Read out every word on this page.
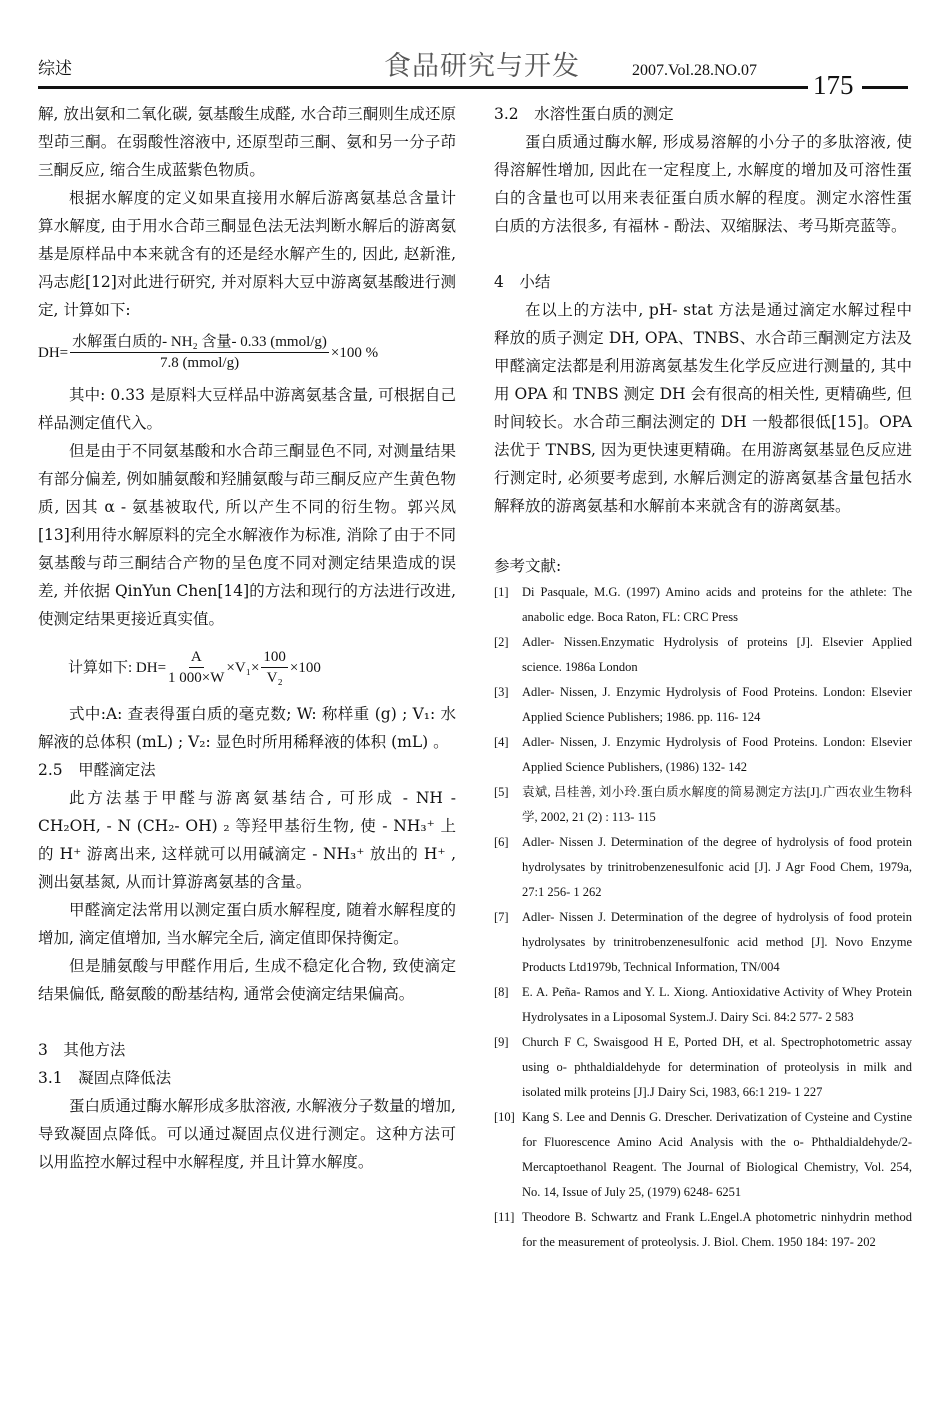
综述	食品研究与开发	2007.Vol.28.NO.07 175

解, 放出氨和二氧化碳, 氨基酸生成醛, 水合茚三酮则生成还原型茚三酮。在弱酸性溶液中, 还原型茚三酮、氨和另一分子茚三酮反应, 缩合生成蓝紫色物质。

根据水解度的定义如果直接用水解后游离氨基总含量计算水解度, 由于用水合茚三酮显色法无法判断水解后的游离氨基是原样品中本来就含有的还是经水解产生的, 因此, 赵新淮, 冯志彪[12]对此进行研究, 并对原料大豆中游离氨基酸进行测定, 计算如下:

$DH= \frac{\text{水解蛋白质的- NH₂ 含量- 0.33 (mmol/g)}}{\text{7.8 (mmol/g)}} \times 100$ %

其中: 0.33 是原料大豆样品中游离氨基含量, 可根据自己样品测定值代入。

但是由于不同氨基酸和水合茚三酮显色不同, 对测量结果有部分偏差, 例如脯氨酸和羟脯氨酸与茚三酮反应产生黄色物质, 因其 α - 氨基被取代, 所以产生不同的衍生物。郭兴凤[13]利用待水解原料的完全水解液作为标准, 消除了由于不同氨基酸与茚三酮结合产物的呈色度不同对测定结果造成的误差, 并依据 QinYun Chen[14]的方法和现行的方法进行改进,使测定结果更接近真实值。

计算如下: $DH= \frac{A}{1 000\times W} \times V_1\times \frac{100}{\text{V₂}} \times 100$

式中:A: 查表得蛋白质的毫克数; W: 称样重 (g) ; V₁: 水解液的总体积 (mL) ; V₂: 显色时所用稀释液的体积 (mL) 。

2.5　甲醛滴定法

此方法基于甲醛与游离氨基结合, 可形成 - NH - CH₂OH, - N (CH₂- OH) ₂ 等羟甲基衍生物, 使 - NH₃⁺ 上的 H⁺ 游离出来, 这样就可以用碱滴定 - NH₃⁺ 放出的 H⁺ , 测出氨基氮, 从而计算游离氨基的含量。

甲醛滴定法常用以测定蛋白质水解程度, 随着水解程度的增加, 滴定值增加, 当水解完全后, 滴定值即保持衡定。

但是脯氨酸与甲醛作用后, 生成不稳定化合物, 致使滴定结果偏低, 酪氨酸的酚基结构, 通常会使滴定结果偏高。

3　其他方法

3.1　凝固点降低法

蛋白质通过酶水解形成多肽溶液, 水解液分子数量的增加, 导致凝固点降低。可以通过凝固点仪进行测定。这种方法可以用监控水解过程中水解程度, 并且计算水解度。

3.2　水溶性蛋白质的测定

蛋白质通过酶水解, 形成易溶解的小分子的多肽溶液, 使得溶解性增加, 因此在一定程度上, 水解度的增加及可溶性蛋白的含量也可以用来表征蛋白质水解的程度。测定水溶性蛋白质的方法很多, 有福林 - 酚法、双缩脲法、考马斯亮蓝等。

4　小结

在以上的方法中, pH- stat 方法是通过滴定水解过程中释放的质子测定 DH, OPA、TNBS、水合茚三酮测定方法及甲醛滴定法都是利用游离氨基发生化学反应进行测量的, 其中用 OPA 和 TNBS 测定 DH 会有很高的相关性, 更精确些, 但时间较长。水合茚三酮法测定的 DH 一般都很低[15]。OPA 法优于 TNBS, 因为更快速更精确。在用游离氨基显色反应进行测定时, 必须要考虑到, 水解后测定的游离氨基含量包括水解释放的游离氨基和水解前本来就含有的游离氨基。

参考文献:

[1]	Di Pasquale, M.G. (1997) Amino acids and proteins for the athlete: The anabolic edge. Boca Raton, FL: CRC Press
[2]	Adler- Nissen.Enzymatic Hydrolysis of proteins [J]. Elsevier Applied science. 1986a London
[3]	Adler- Nissen, J. Enzymic Hydrolysis of Food Proteins. London: Elsevier Applied Science Publishers; 1986. pp. 116- 124
[4]	Adler- Nissen, J. Enzymic Hydrolysis of Food Proteins. London: Elsevier Applied Science Publishers, (1986) 132- 142
[5]	袁斌, 吕桂善, 刘小玲.蛋白质水解度的简易测定方法[J].广西农业生物科学, 2002, 21 (2) : 113- 115
[6]	Adler- Nissen J. Determination of the degree of hydrolysis of food protein hydrolysates by trinitrobenzenesulfonic acid [J]. J Agr Food Chem, 1979a, 27:1 256- 1 262
[7]	Adler- Nissen J. Determination of the degree of hydrolysis of food protein hydrolysates by trinitrobenzenesulfonic acid method [J]. Novo Enzyme Products Ltd1979b, Technical Information, TN/004
[8]	E. A. Peña- Ramos and Y. L. Xiong. Antioxidative Activity of Whey Protein Hydrolysates in a Liposomal System.J. Dairy Sci. 84:2 577- 2 583
[9]	Church F C, Swaisgood H E, Ported DH, et al. Spectrophotometric assay using o- phthaldialdehyde for determination of proteolysis in milk and isolated milk proteins [J].J Dairy Sci, 1983, 66:1 219- 1 227
[10] Kang S. Lee and Dennis G. Drescher. Derivatization of Cysteine and Cystine for Fluorescence Amino Acid Analysis with the o- Phthaldialdehyde/2- Mercaptoethanol Reagent. The Journal of Biological Chemistry, Vol. 254, No. 14, Issue of July 25, (1979) 6248- 6251
[11] Theodore B. Schwartz and Frank L.Engel.A photometric ninhydrin method for the measurement of proteolysis. J. Biol. Chem. 1950 184: 197- 202
